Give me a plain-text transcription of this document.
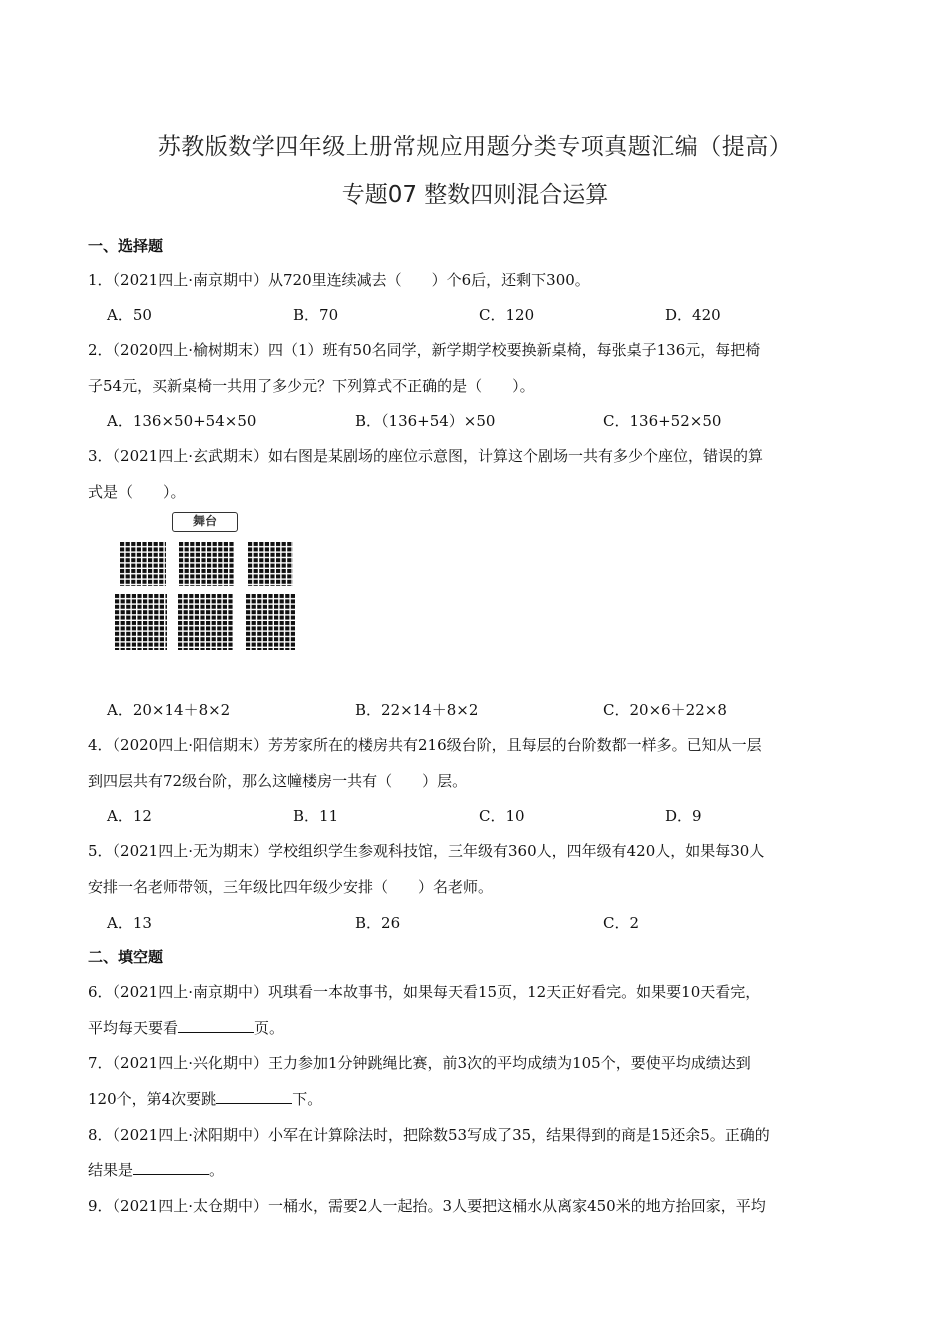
苏教版数学四年级上册常规应用题分类专项真题汇编（提高）
专题07 整数四则混合运算
一、选择题
1．（2021四上·南京期中）从720里连续减去（　　）个6后，还剩下300。
A．50	B．70	C．120	D．420
2．（2020四上·榆树期末）四（1）班有50名同学，新学期学校要换新桌椅，每张桌子136元，每把椅
子54元，买新桌椅一共用了多少元？下列算式不正确的是（　　）。
A．136×50+54×50	B．（136+54）×50	C．136+52×50
3．（2021四上·玄武期末）如右图是某剧场的座位示意图，计算这个剧场一共有多少个座位，错误的算
式是（　　）。
舞台
A．20×14＋8×2	B．22×14＋8×2	C．20×6＋22×8
4．（2020四上·阳信期末）芳芳家所在的楼房共有216级台阶，且每层的台阶数都一样多。已知从一层
到四层共有72级台阶，那么这幢楼房一共有（　　）层。
A．12	B．11	C．10	D．9
5．（2021四上·无为期末）学校组织学生参观科技馆，三年级有360人，四年级有420人，如果每30人
安排一名老师带领，三年级比四年级少安排（　　）名老师。
A．13	B．26	C．2
二、填空题
6．（2021四上·南京期中）巩琪看一本故事书，如果每天看15页，12天正好看完。如果要10天看完，
平均每天要看	页。
7．（2021四上·兴化期中）王力参加1分钟跳绳比赛，前3次的平均成绩为105个，要使平均成绩达到
120个，第4次要跳	下。
8．（2021四上·沭阳期中）小军在计算除法时，把除数53写成了35，结果得到的商是15还余5。正确的
结果是	。
9．（2021四上·太仓期中）一桶水，需要2人一起抬。3人要把这桶水从离家450米的地方抬回家，平均
